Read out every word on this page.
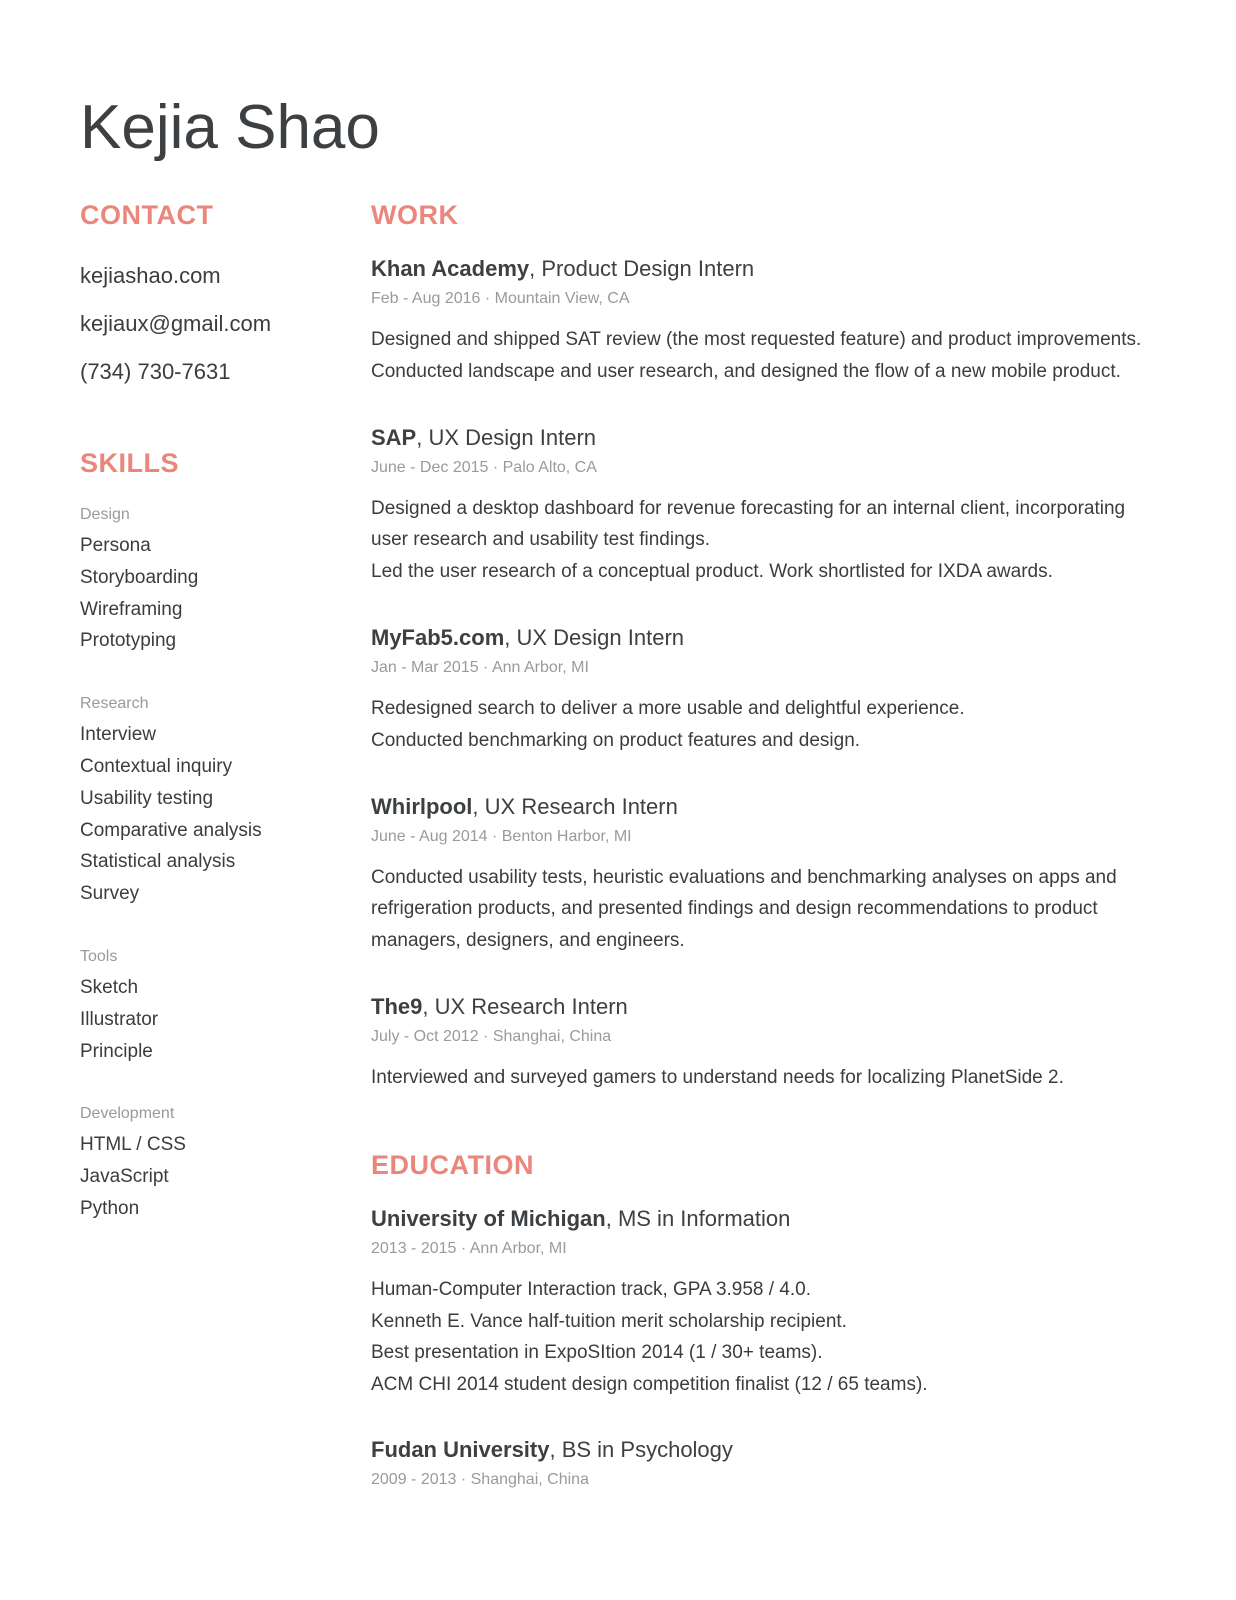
Kejia Shao
CONTACT
kejiashao.com
kejiaux@gmail.com
(734) 730-7631
SKILLS
Design
Persona
Storyboarding
Wireframing
Prototyping
Research
Interview
Contextual inquiry
Usability testing
Comparative analysis
Statistical analysis
Survey
Tools
Sketch
Illustrator
Principle
Development
HTML / CSS
JavaScript
Python
WORK
Khan Academy, Product Design Intern
Feb - Aug 2016 · Mountain View, CA
Designed and shipped SAT review (the most requested feature) and product improvements.
Conducted landscape and user research, and designed the flow of a new mobile product.
SAP, UX Design Intern
June - Dec 2015 · Palo Alto, CA
Designed a desktop dashboard for revenue forecasting for an internal client, incorporating
user research and usability test findings.
Led the user research of a conceptual product. Work shortlisted for IXDA awards.
MyFab5.com, UX Design Intern
Jan - Mar 2015 · Ann Arbor, MI
Redesigned search to deliver a more usable and delightful experience.
Conducted benchmarking on product features and design.
Whirlpool, UX Research Intern
June - Aug 2014 · Benton Harbor, MI
Conducted usability tests, heuristic evaluations and benchmarking analyses on apps and
refrigeration products, and presented findings and design recommendations to product
managers, designers, and engineers.
The9, UX Research Intern
July - Oct 2012 · Shanghai, China
Interviewed and surveyed gamers to understand needs for localizing PlanetSide 2.
EDUCATION
University of Michigan, MS in Information
2013 - 2015 · Ann Arbor, MI
Human-Computer Interaction track, GPA 3.958 / 4.0.
Kenneth E. Vance half-tuition merit scholarship recipient.
Best presentation in ExpoSItion 2014 (1 / 30+ teams).
ACM CHI 2014 student design competition finalist (12 / 65 teams).
Fudan University, BS in Psychology
2009 - 2013 · Shanghai, China
